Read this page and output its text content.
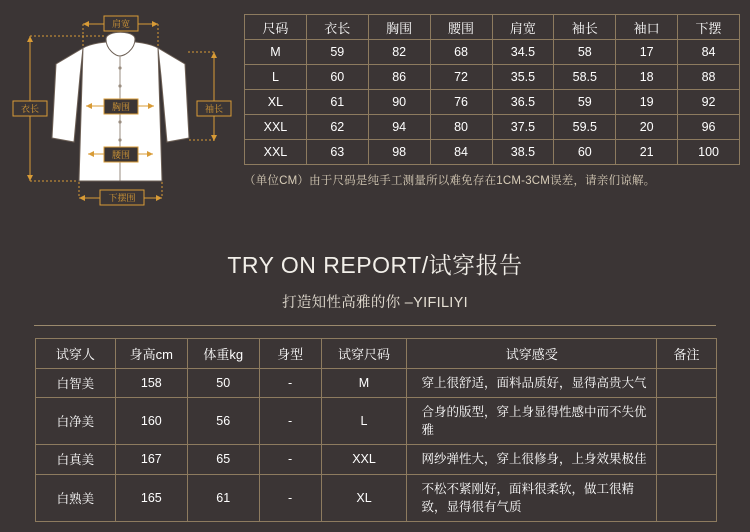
肩宽
胸围
腰围
下摆围
衣长	袖长
尺码	衣长	胸围	腰围	肩宽	袖长	袖口	下摆
M	59	82	68	34.5	58	17	84
L	60	86	72	35.5	58.5	18	88
XL	61	90	76	36.5	59	19	92
XXL	62	94	80	37.5	59.5	20	96
XXL	63	98	84	38.5	60	21	100
（单位CM）由于尺码是纯手工测量所以难免存在1CM-3CM误差，请亲们谅解。
TRY ON REPORT/试穿报告
打造知性高雅的你 –YIFILIYI
试穿人	身高cm	体重kg	身型	试穿尺码	试穿感受	备注
白智美	158	50	-	M	穿上很舒适，面料品质好，显得高贵大气	
白净美	160	56	-	L	合身的版型，穿上身显得性感中而不失优雅	
白真美	167	65	-	XXL	网纱弹性大，穿上很修身，上身效果极佳	
白熟美	165	61	-	XL	不松不紧刚好，面料很柔软，做工很精致，显得很有气质	
